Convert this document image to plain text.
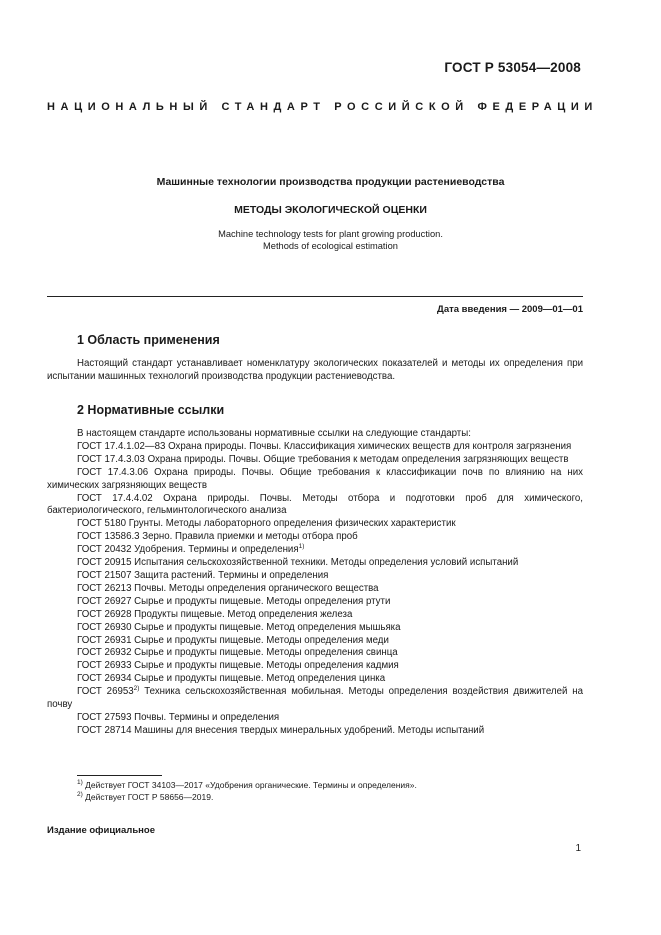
ГОСТ Р 53054—2008
НАЦИОНАЛЬНЫЙ СТАНДАРТ РОССИЙСКОЙ ФЕДЕРАЦИИ
Машинные технологии производства продукции растениеводства
МЕТОДЫ ЭКОЛОГИЧЕСКОЙ ОЦЕНКИ
Machine technology tests for plant growing production.
Methods of ecological estimation
Дата введения — 2009—01—01
1 Область применения

Настоящий стандарт устанавливает номенклатуру экологических показателей и методы их определения при испытании машинных технологий производства продукции растениеводства.

2 Нормативные ссылки

В настоящем стандарте использованы нормативные ссылки на следующие стандарты:

ГОСТ 17.4.1.02—83 Охрана природы. Почвы. Классификация химических веществ для контроля загрязнения

ГОСТ 17.4.3.03 Охрана природы. Почвы. Общие требования к методам определения загрязняющих веществ

ГОСТ 17.4.3.06 Охрана природы. Почвы. Общие требования к классификации почв по влиянию на них химических загрязняющих веществ

ГОСТ 17.4.4.02 Охрана природы. Почвы. Методы отбора и подготовки проб для химического, бактериологического, гельминтологического анализа

ГОСТ 5180 Грунты. Методы лабораторного определения физических характеристик

ГОСТ 13586.3 Зерно. Правила приемки и методы отбора проб

ГОСТ 20432 Удобрения. Термины и определения$^{1)}$

ГОСТ 20915 Испытания сельскохозяйственной техники. Методы определения условий испытаний

ГОСТ 21507 Защита растений. Термины и определения

ГОСТ 26213 Почвы. Методы определения органического вещества

ГОСТ 26927 Сырье и продукты пищевые. Методы определения ртути

ГОСТ 26928 Продукты пищевые. Метод определения железа

ГОСТ 26930 Сырье и продукты пищевые. Метод определения мышьяка

ГОСТ 26931 Сырье и продукты пищевые. Методы определения меди

ГОСТ 26932 Сырье и продукты пищевые. Методы определения свинца

ГОСТ 26933 Сырье и продукты пищевые. Методы определения кадмия

ГОСТ 26934 Сырье и продукты пищевые. Метод определения цинка

ГОСТ 26953$^{2)}$ Техника сельскохозяйственная мобильная. Методы определения воздействия движителей на почву

ГОСТ 27593 Почвы. Термины и определения

ГОСТ 28714 Машины для внесения твердых минеральных удобрений. Методы испытаний

$^{1)}$ Действует ГОСТ 34103—2017 «Удобрения органические. Термины и определения».
$^{2)}$ Действует ГОСТ Р 58656—2019.
Издание официальное
1
